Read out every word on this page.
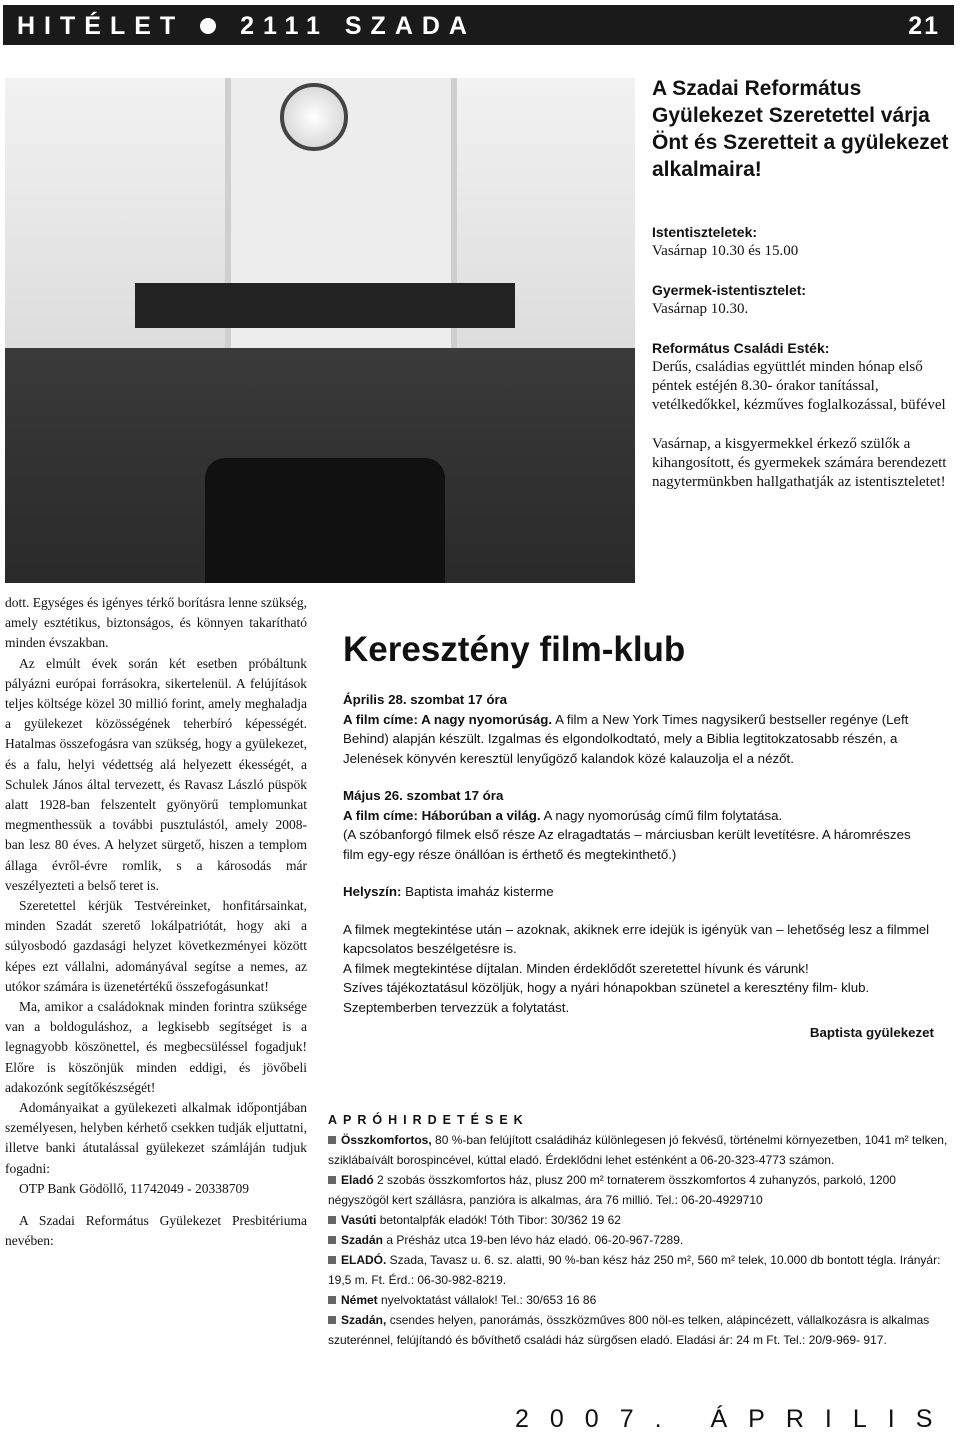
HITÉLET 2111 SZADA	21
A Szadai Református Gyülekezet Szeretettel várja Önt és Szeretteit a gyülekezet alkalmaira!
Istentiszteletek:
Vasárnap 10.30 és 15.00
Gyermek-istentisztelet:
Vasárnap 10.30.
Református Családi Esték:
Derűs, családias együttlét minden hónap első péntek estéjén 8.30- órakor tanítással, vetélkedőkkel, kézműves foglalkozással, büfével
Vasárnap, a kisgyermekkel érkező szülők a kihangosított, és gyermekek számára berendezett nagytermünkben hallgathatják az istentiszteletet!

dott. Egységes és igényes térkő borításra lenne szükség, amely esztétikus, biztonságos, és könnyen takarítható minden évszakban.

Az elmúlt évek során két esetben próbáltunk pályázni európai forrásokra, sikertelenül. A felújítások teljes költsége közel 30 millió forint, amely meghaladja a gyülekezet közösségének teherbíró képességét. Hatalmas összefogásra van szükség, hogy a gyülekezet, és a falu, helyi védettség alá helyezett ékességét, a Schulek János által tervezett, és Ravasz László püspök alatt 1928-ban felszentelt gyönyörű templomunkat megmenthessük a további pusztulástól, amely 2008-ban lesz 80 éves. A helyzet sürgető, hiszen a templom állaga évről-évre romlik, s a károsodás már veszélyezteti a belső teret is.

Szeretettel kérjük Testvéreinket, honfitársainkat, minden Szadát szerető lokálpatriótát, hogy aki a súlyosbodó gazdasági helyzet következményei között képes ezt vállalni, adományával segítse a nemes, az utókor számára is üzenetértékű összefogásunkat!

Ma, amikor a családoknak minden forintra szüksége van a boldoguláshoz, a legkisebb segítséget is a legnagyobb köszönettel, és megbecsüléssel fogadjuk! Előre is köszönjük minden eddigi, és jövőbeli adakozónk segítőkészségét!

Adományaikat a gyülekezeti alkalmak időpontjában személyesen, helyben kérhető csekken tudják eljuttatni, illetve banki átutalással gyülekezet számláján tudjuk fogadni:

OTP Bank Gödöllő, 11742049 - 20338709

A Szadai Református Gyülekezet Presbitériuma nevében:

Keresztény film-klub

Április 28. szombat 17 óra

A film címe: A nagy nyomorúság. A film a New York Times nagysikerű bestseller regénye (Left Behind) alapján készült. Izgalmas és elgondolkodtató, mely a Biblia legtitokzatosabb részén, a Jelenések könyvén keresztül lenyűgöző kalandok közé kalauzolja el a nézőt.

Május 26. szombat 17 óra

A film címe: Háborúban a világ. A nagy nyomorúság című film folytatása.

(A szóbanforgó filmek első része Az elragadtatás – márciusban került levetítésre. A háromrészes film egy-egy része önállóan is érthető és megtekinthető.)

Helyszín: Baptista imaház kisterme

A filmek megtekintése után – azoknak, akiknek erre idejük is igényük van – lehetőség lesz a filmmel kapcsolatos beszélgetésre is.

A filmek megtekintése díjtalan. Minden érdeklődőt szeretettel hívunk és várunk!

Szíves tájékoztatásul közöljük, hogy a nyári hónapokban szünetel a keresztény film- klub. Szeptemberben tervezzük a folytatást.

Baptista gyülekezet

APRÓHIRDETÉSEK

Összkomfortos, 80 %-ban felújított családiház különlegesen jó fekvésű, történelmi környezetben, 1041 m² telken, sziklábaívált borospincével, kúttal eladó. Érdeklődni lehet esténként a 06-20-323-4773 számon.

Eladó 2 szobás összkomfortos ház, plusz 200 m² tornaterem összkomfortos 4 zuhanyzós, parkoló, 1200 négyszögöl kert szállásra, panzióra is alkalmas, ára 76 millió. Tel.: 06-20-4929710

Vasúti betontalpfák eladók! Tóth Tibor: 30/362 19 62

Szadán a Présház utca 19-ben lévo ház eladó. 06-20-967-7289.

ELADÓ. Szada, Tavasz u. 6. sz. alatti, 90 %-ban kész ház 250 m², 560 m² telek, 10.000 db bontott tégla. Irányár: 19,5 m. Ft. Érd.: 06-30-982-8219.

Német nyelvoktatást vállalok! Tel.: 30/653 16 86

Szadán, csendes helyen, panorámás, összközműves 800 nöl-es telken, alápincézett, vállalkozásra is alkalmas szuterénnel, felújítandó és bővíthető családi ház sürgősen eladó. Eladási ár: 24 m Ft. Tel.: 20/9-969- 917.

2007. ÁPRILIS
